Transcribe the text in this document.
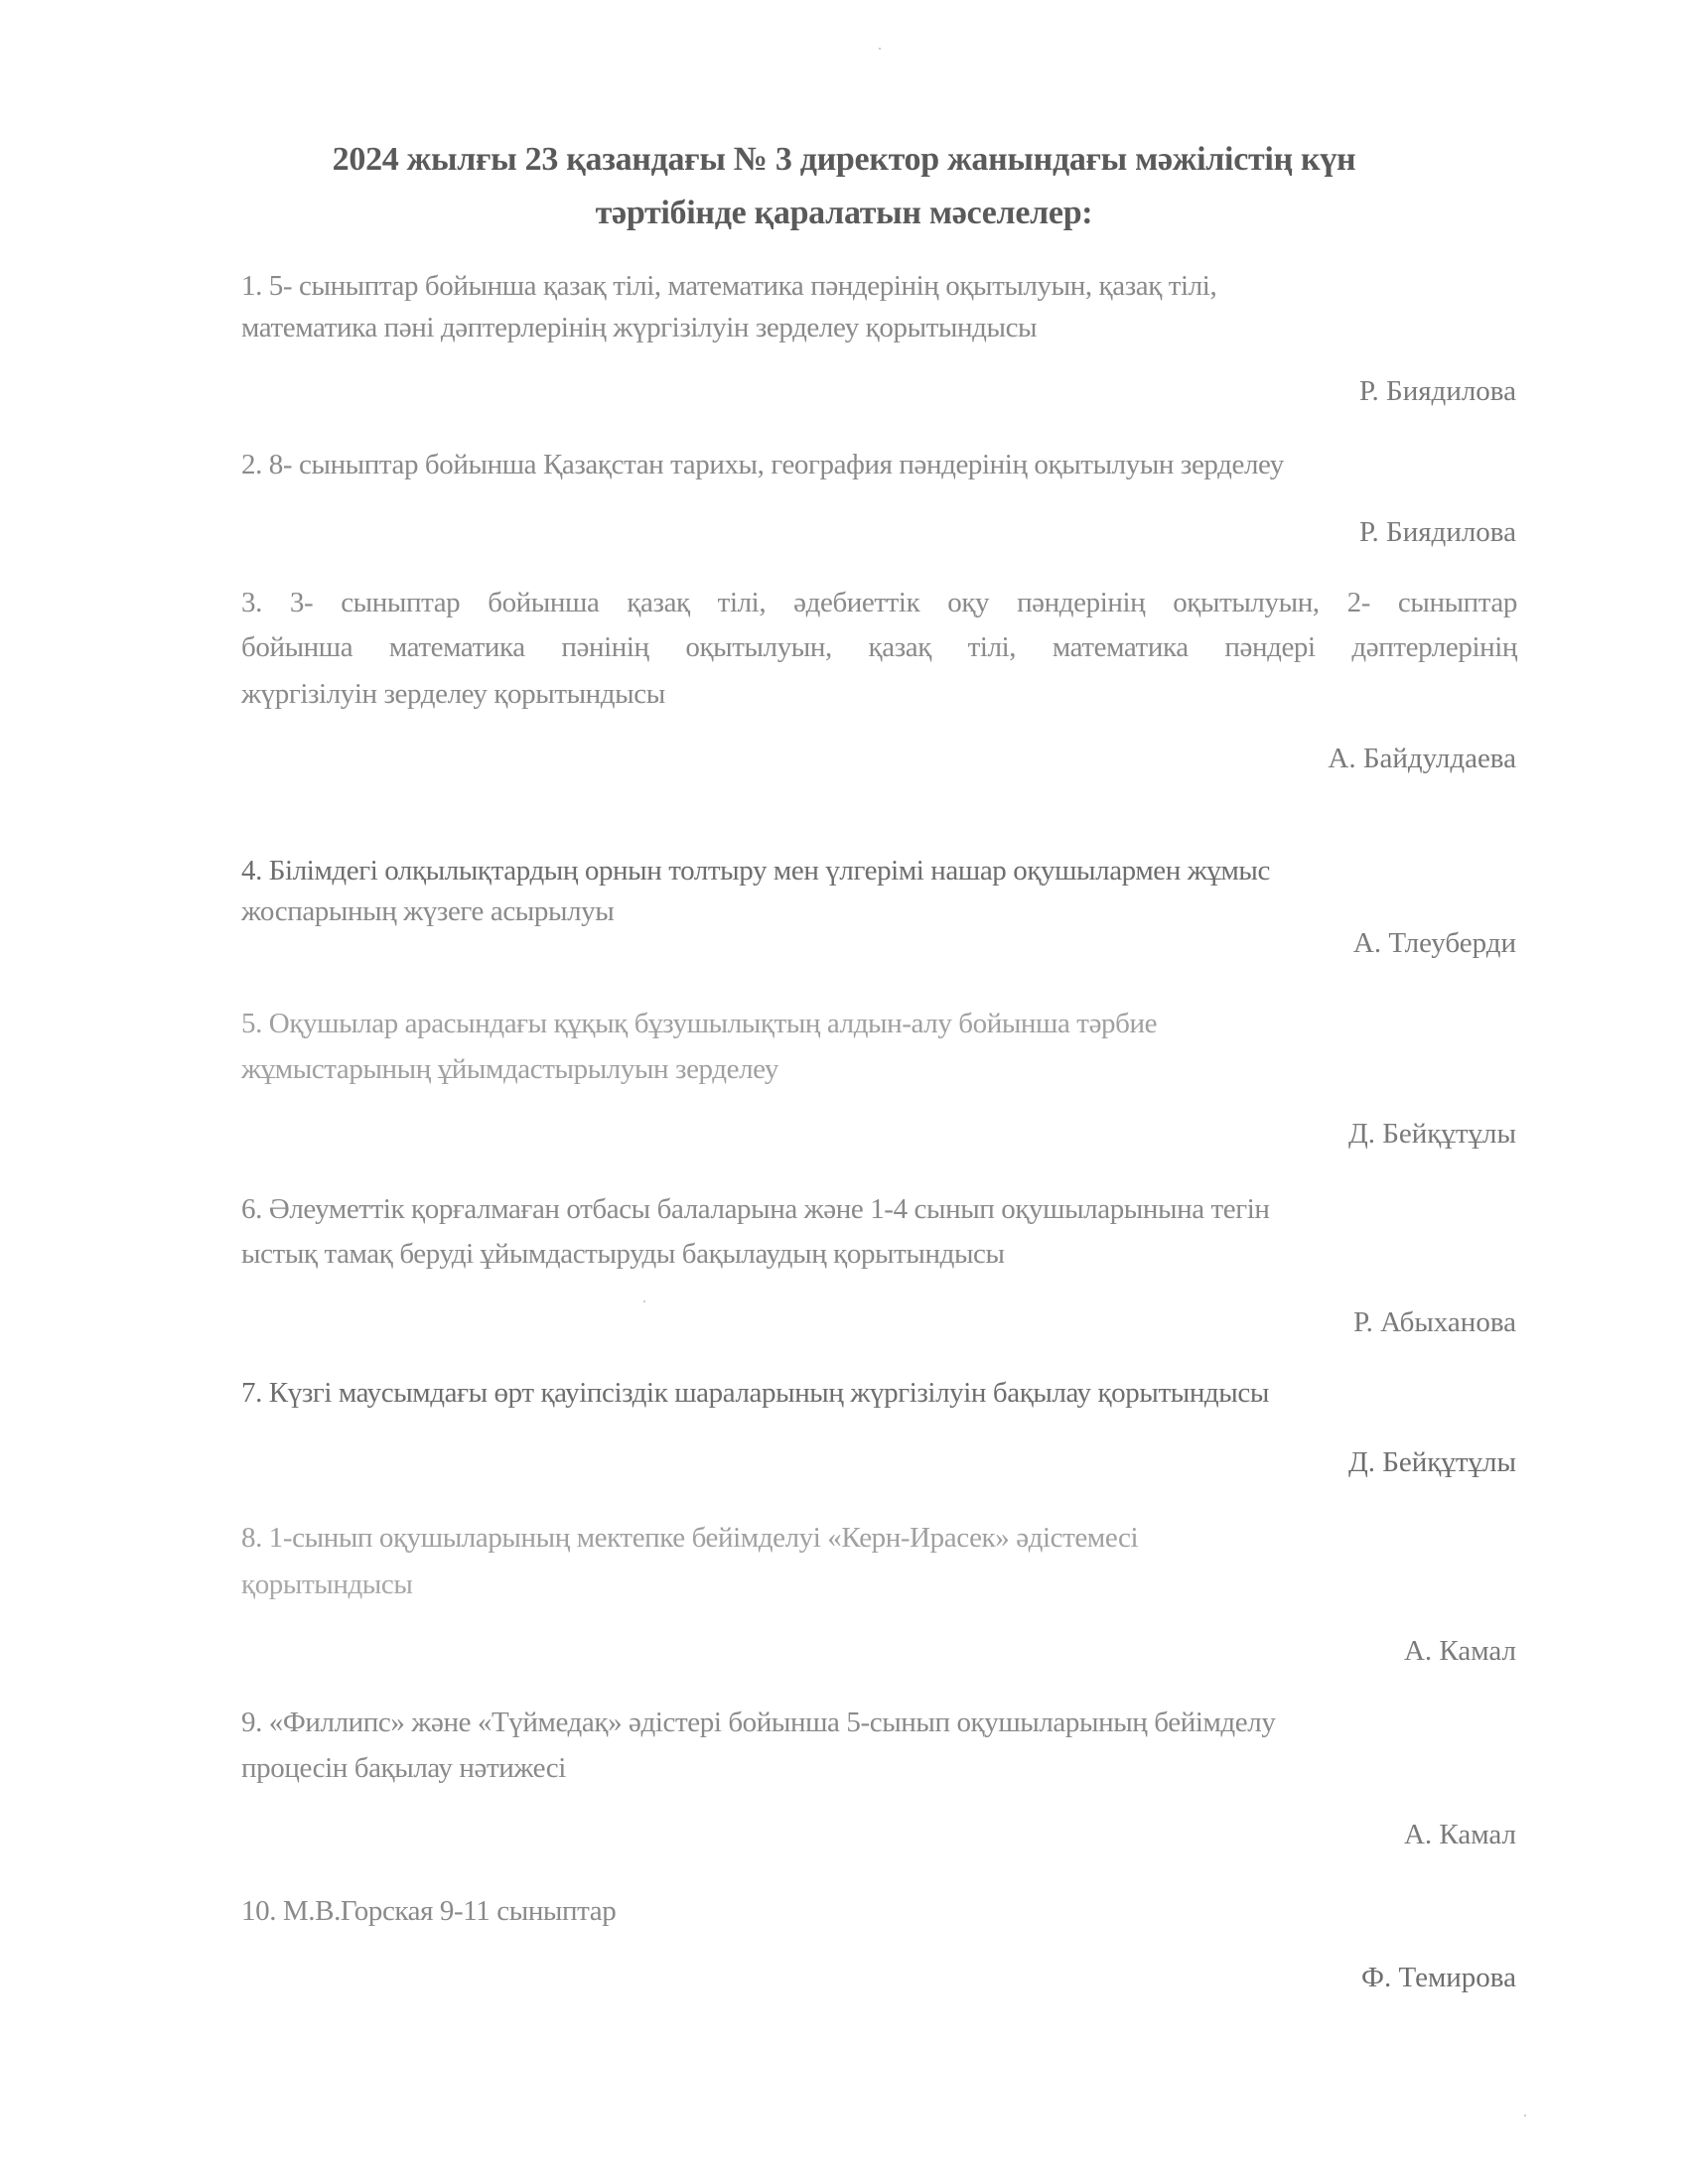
2024 жылғы 23 қазандағы № 3 директор жанындағы мәжілістің күн
тәртібінде қаралатын мәселелер:
1. 5- сыныптар бойынша қазақ тілі, математика пәндерінің оқытылуын, қазақ тілі,
математика пәні дәптерлерінің жүргізілуін зерделеу қорытындысы
Р. Биядилова
2. 8- сыныптар бойынша Қазақстан тарихы, география пәндерінің оқытылуын зерделеу
Р. Биядилова
3. 3- сыныптар бойынша қазақ тілі, әдебиеттік оқу пәндерінің оқытылуын, 2- сыныптар
бойынша математика пәнінің оқытылуын, қазақ тілі, математика пәндері дәптерлерінің
жүргізілуін зерделеу қорытындысы
А. Байдулдаева
4. Білімдегі олқылықтардың орнын толтыру мен үлгерімі нашар оқушылармен жұмыс
жоспарының жүзеге асырылуы
А. Тлеуберди
5. Оқушылар арасындағы құқық бұзушылықтың алдын-алу бойынша тәрбие
жұмыстарының ұйымдастырылуын зерделеу
Д. Бейқұтұлы
6. Әлеуметтік қорғалмаған отбасы балаларына және 1-4 сынып оқушыларынына тегін
ыстық тамақ беруді ұйымдастыруды бақылаудың қорытындысы
Р. Абыханова
7. Күзгі маусымдағы өрт қауіпсіздік шараларының жүргізілуін бақылау қорытындысы
Д. Бейқұтұлы
8. 1-сынып оқушыларының мектепке бейімделуі «Керн-Ирасек» әдістемесі
қорытындысы
А. Камал
9. «Филлипс» және «Түймедақ» әдістері бойынша 5-сынып оқушыларының бейімделу
процесін бақылау нәтижесі
А. Камал
10. М.В.Горская 9-11 сыныптар
Ф. Темирова
